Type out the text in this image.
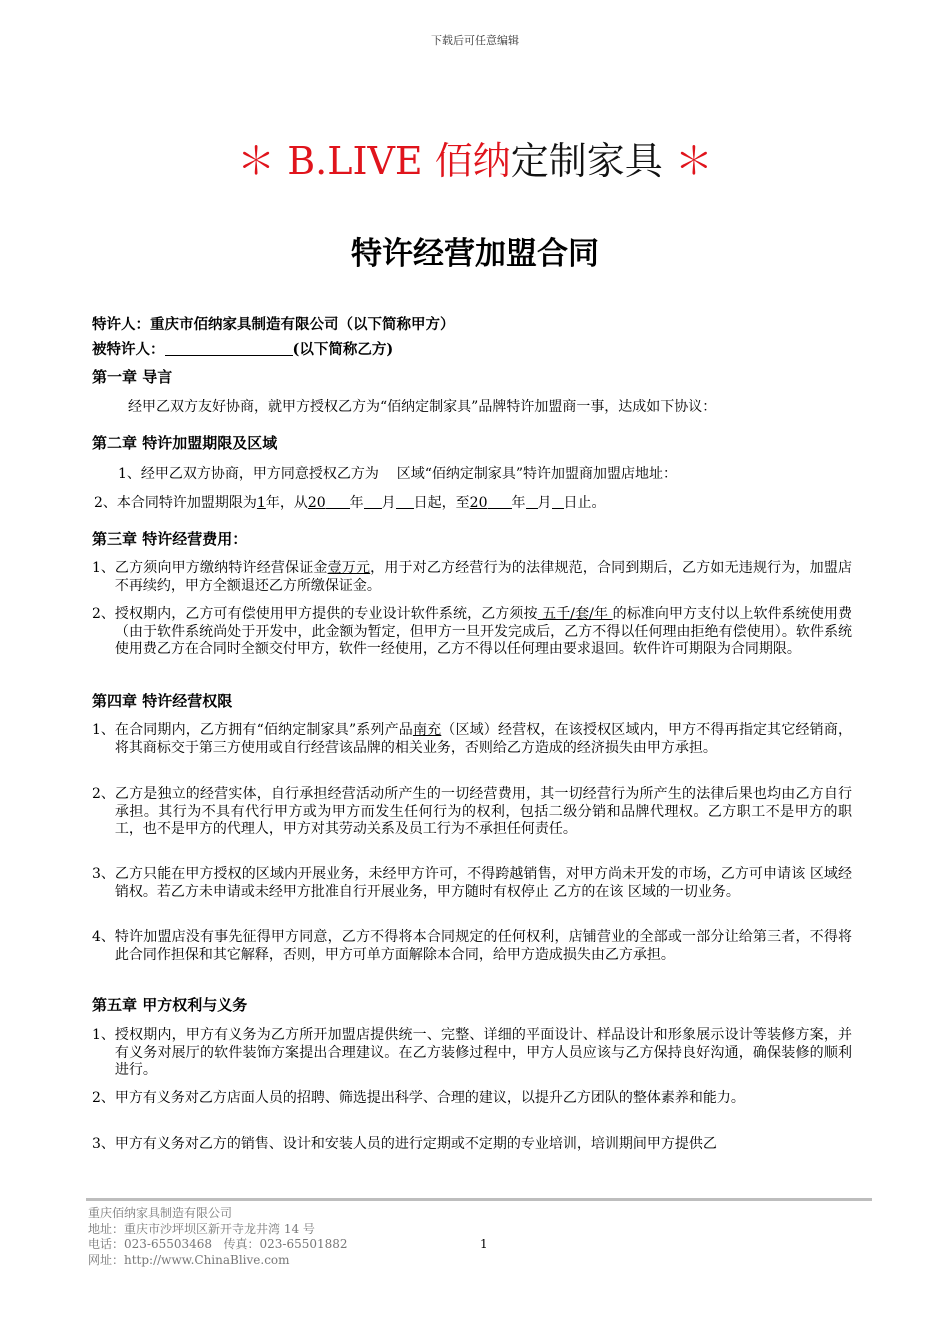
下载后可任意编辑
＊ B.LIVE 佰纳定制家具 ＊
特许经营加盟合同
特许人：重庆市佰纳家具制造有限公司（以下简称甲方）
被特许人：	(以下简称乙方)
第一章 导言
经甲乙双方友好协商，就甲方授权乙方为“佰纳定制家具”品牌特许加盟商一事，达成如下协议：
第二章 特许加盟期限及区域
1、经甲乙双方协商，甲方同意授权乙方为    区域“佰纳定制家具”特许加盟商加盟店地址：
2、本合同特许加盟期限为1年，从20 年 月 日起，至20 年 月 日止。
第三章 特许经营费用：
1、 乙方须向甲方缴纳特许经营保证金壹万元，用于对乙方经营行为的法律规范，合同到期后，乙方如无违规行为，加盟店不再续约，甲方全额退还乙方所缴保证金。
2、 授权期内，乙方可有偿使用甲方提供的专业设计软件系统，乙方须按 五千/套/年 的标准向甲方支付以上软件系统使用费（由于软件系统尚处于开发中，此金额为暂定，但甲方一旦开发完成后，乙方不得以任何理由拒绝有偿使用）。软件系统使用费乙方在合同时全额交付甲方，软件一经使用，乙方不得以任何理由要求退回。软件许可期限为合同期限。
第四章 特许经营权限
1、 在合同期内，乙方拥有“佰纳定制家具”系列产品南充（区域）经营权，在该授权区域内，甲方不得再指定其它经销商，将其商标交于第三方使用或自行经营该品牌的相关业务，否则给乙方造成的经济损失由甲方承担。
2、 乙方是独立的经营实体，自行承担经营活动所产生的一切经营费用，其一切经营行为所产生的法律后果也均由乙方自行承担。其行为不具有代行甲方或为甲方而发生任何行为的权利，包括二级分销和品牌代理权。乙方职工不是甲方的职工，也不是甲方的代理人，甲方对其劳动关系及员工行为不承担任何责任。
3、 乙方只能在甲方授权的区域内开展业务，未经甲方许可，不得跨越销售，对甲方尚未开发的市场，乙方可申请该 区域经销权。若乙方未申请或未经甲方批准自行开展业务，甲方随时有权停止 乙方的在该 区域的一切业务。
4、 特许加盟店没有事先征得甲方同意，乙方不得将本合同规定的任何权利，店铺营业的全部或一部分让给第三者，不得将此合同作担保和其它解释，否则，甲方可单方面解除本合同，给甲方造成损失由乙方承担。
第五章 甲方权利与义务
1、 授权期内，甲方有义务为乙方所开加盟店提供统一、完整、详细的平面设计、样品设计和形象展示设计等装修方案，并有义务对展厅的软件装饰方案提出合理建议。在乙方装修过程中，甲方人员应该与乙方保持良好沟通，确保装修的顺利进行。
2、甲方有义务对乙方店面人员的招聘、筛选提出科学、合理的建议，以提升乙方团队的整体素养和能力。
3、甲方有义务对乙方的销售、设计和安装人员的进行定期或不定期的专业培训，培训期间甲方提供乙
重庆佰纳家具制造有限公司
地址：重庆市沙坪坝区新开寺龙井湾 14 号
电话：023-65503468   传真：023-65501882
网址：http://www.ChinaBlive.com
1
